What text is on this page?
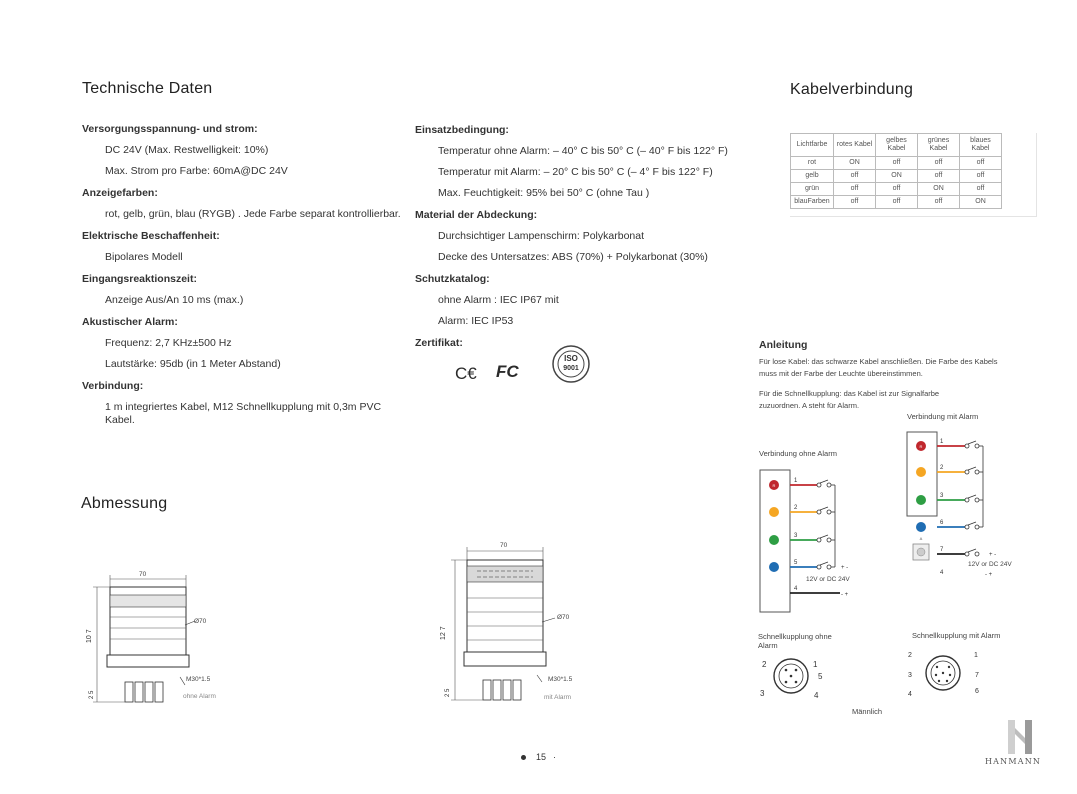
Technische Daten
Versorgungsspannung- und strom:
DC 24V (Max. Restwelligkeit: 10%)
Max. Strom pro Farbe: 60mA@DC 24V
Anzeigefarben:
rot, gelb, grün, blau (RYGB) . Jede Farbe separat kontrollierbar.
Elektrische Beschaffenheit:
Bipolares Modell
Eingangsreaktionszeit:
Anzeige Aus/An 10 ms (max.)
Akustischer Alarm:
Frequenz: 2,7 KHz±500 Hz
Lautstärke: 95db (in 1 Meter Abstand)
Verbindung:
1 m integriertes Kabel, M12 Schnellkupplung mit 0,3m PVC Kabel.
Einsatzbedingung:
Temperatur ohne Alarm: – 40° C bis 50° C (– 40° F bis 122° F)
Temperatur mit Alarm: – 20° C bis 50° C (– 4° F bis 122° F)
Max. Feuchtigkeit: 95% bei 50° C (ohne Tau )
Material der Abdeckung:
Durchsichtiger Lampenschirm: Polykarbonat
Decke des Untersatzes: ABS (70%) + Polykarbonat (30%)
Schutzkatalog:
ohne Alarm : IEC IP67 mit
Alarm: IEC IP53
Zertifikat:
C€ FC
ISO
9001
Kabelverbindung
Lichtfarbe	rotes Kabel	gelbes Kabel	grünes Kabel	blaues Kabel
rot	ON	off	off	off
gelb	off	ON	off	off
grün	off	off	ON	off
blauFarben	off	off	off	ON
Anleitung
Für lose Kabel: das schwarze Kabel anschließen. Die Farbe des Kabels muss mit der Farbe der Leuchte übereinstimmen.
Für die Schnellkupplung: das Kabel ist zur Signalfarbe zuzuordnen. A steht für Alarm.
Verbindung mit Alarm
Verbindung ohne Alarm
R
1
2
3
5
4
+ -
- +
12V or DC 24V
R
A
1
2
3
6
7
4
+ -
- +
12V or DC 24V
Schnellkupplung ohne Alarm
Schnellkupplung mit Alarm
2	1
5
3	4
2	1
3	7
4	6
Männlich
Abmessung
10 7
2 5
70
Ø70
M30*1.5
ohne Alarm
12 7
2 5
70
Ø70
M30*1.5
mit Alarm
15 ·	HANMANN
